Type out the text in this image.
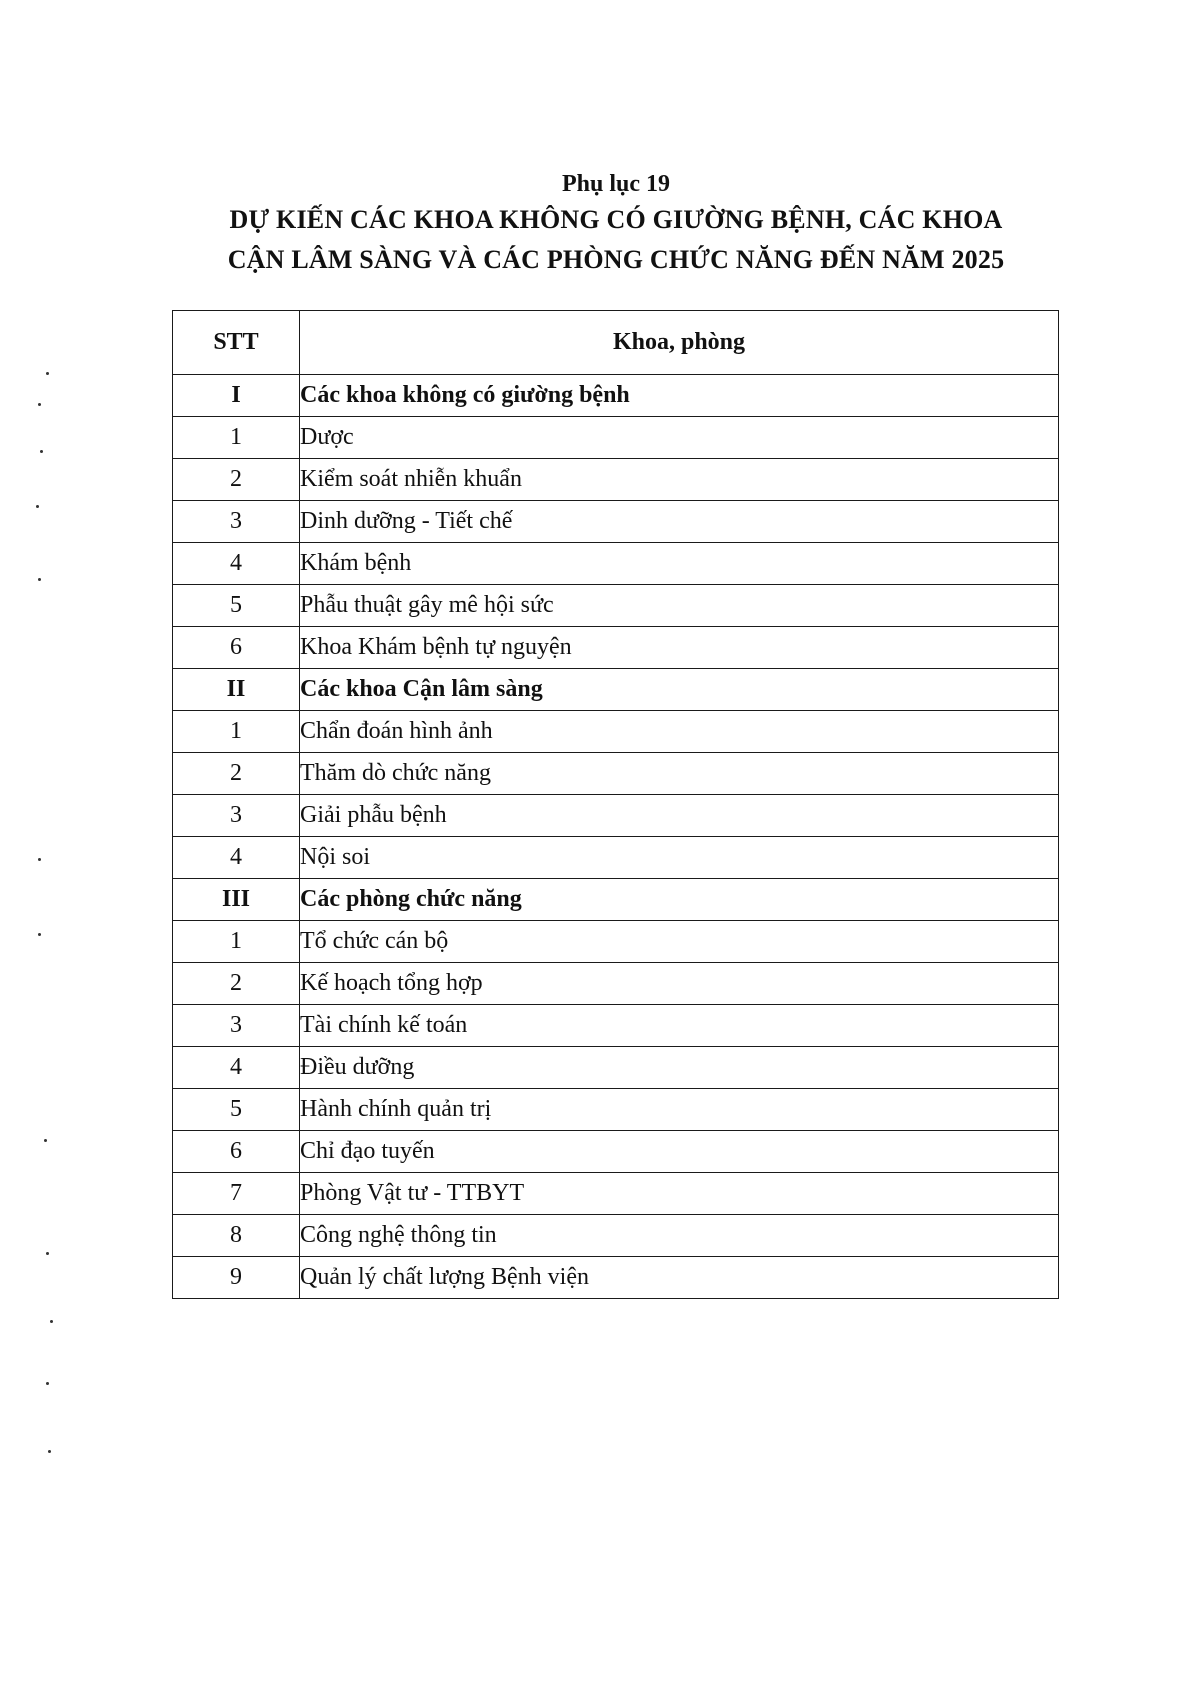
Phụ lục 19
DỰ KIẾN CÁC KHOA KHÔNG CÓ GIƯỜNG BỆNH, CÁC KHOA
CẬN LÂM SÀNG VÀ CÁC PHÒNG CHỨC NĂNG ĐẾN NĂM 2025
STT	Khoa, phòng
I	Các khoa không có giường bệnh
1	Dược
2	Kiểm soát nhiễn khuẩn
3	Dinh dưỡng - Tiết chế
4	Khám bệnh
5	Phẫu thuật gây mê hội sức
6	Khoa Khám bệnh tự nguyện
II	Các khoa Cận lâm sàng
1	Chẩn đoán hình ảnh
2	Thăm dò chức năng
3	Giải phẫu bệnh
4	Nội soi
III	Các phòng chức năng
1	Tổ chức cán bộ
2	Kế hoạch tổng hợp
3	Tài chính kế toán
4	Điều dưỡng
5	Hành chính quản trị
6	Chỉ đạo tuyến
7	Phòng Vật tư - TTBYT
8	Công nghệ thông tin
9	Quản lý chất lượng Bệnh viện
